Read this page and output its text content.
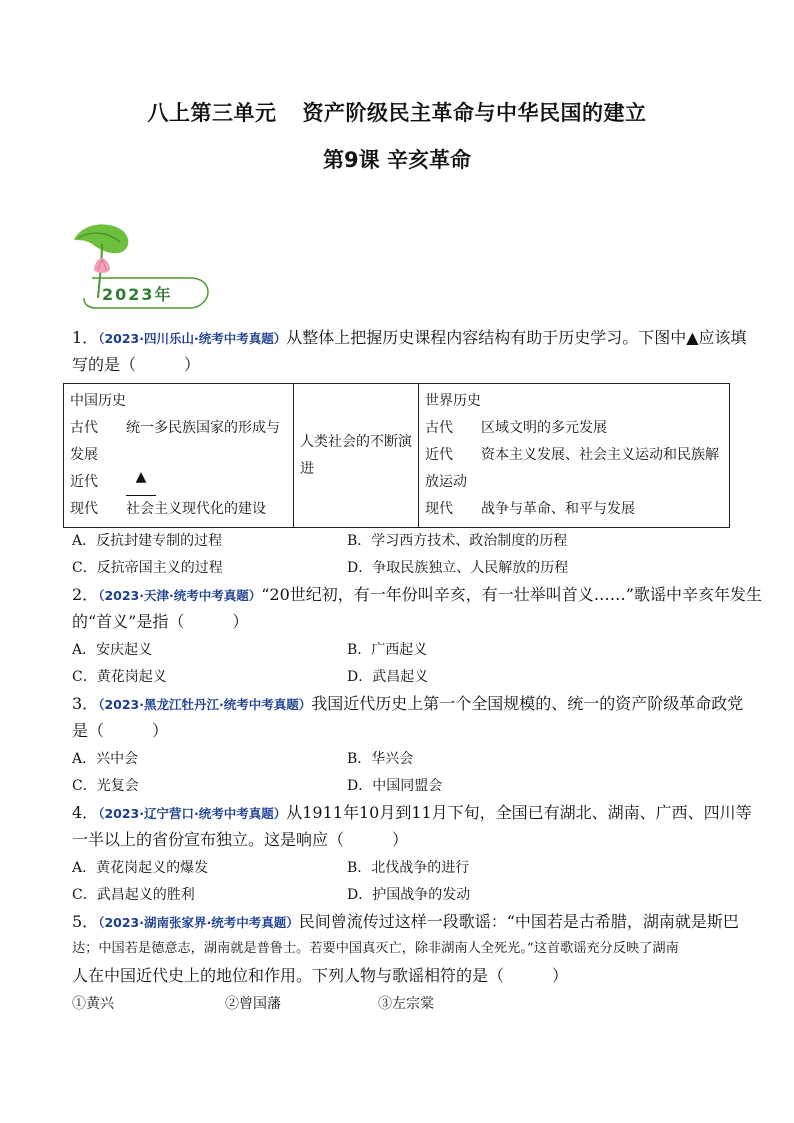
八上第三单元 资产阶级民主革命与中华民国的建立
第9课 辛亥革命
2023年
1．（2023·四川乐山·统考中考真题）从整体上把握历史课程内容结构有助于历史学习。下图中▲应该填
写的是（　　　）
中国历史
古代	统一多民族国家的形成与
发展
近代	▲
现代	社会主义现代化的建设
	人类社会的不断演进	
世界历史
古代	区域文明的多元发展
近代	资本主义发展、社会主义运动和民族解
放运动
现代	战争与革命、和平与发展
A．反抗封建专制的过程	B．学习西方技术、政治制度的历程
C．反抗帝国主义的过程	D．争取民族独立、人民解放的历程
2．（2023·天津·统考中考真题）“20世纪初，有一年份叫辛亥，有一壮举叫首义……”歌谣中辛亥年发生
的“首义”是指（　　　）
A．安庆起义	B．广西起义
C．黄花岗起义	D．武昌起义
3．（2023·黑龙江牡丹江·统考中考真题）我国近代历史上第一个全国规模的、统一的资产阶级革命政党
是（　　　）
A．兴中会	B．华兴会
C．光复会	D．中国同盟会
4．（2023·辽宁营口·统考中考真题）从1911年10月到11月下旬，全国已有湖北、湖南、广西、四川等
一半以上的省份宣布独立。这是响应（　　　）
A．黄花岗起义的爆发	B．北伐战争的进行
C．武昌起义的胜利	D．护国战争的发动
5．（2023·湖南张家界·统考中考真题）民间曾流传过这样一段歌谣：“中国若是古希腊，湖南就是斯巴
达；中国若是德意志，湖南就是普鲁士。若要中国真灭亡，除非湖南人全死光。”这首歌谣充分反映了湖南
人在中国近代史上的地位和作用。下列人物与歌谣相符的是（　　　）
①黄兴	②曾国藩	③左宗棠
